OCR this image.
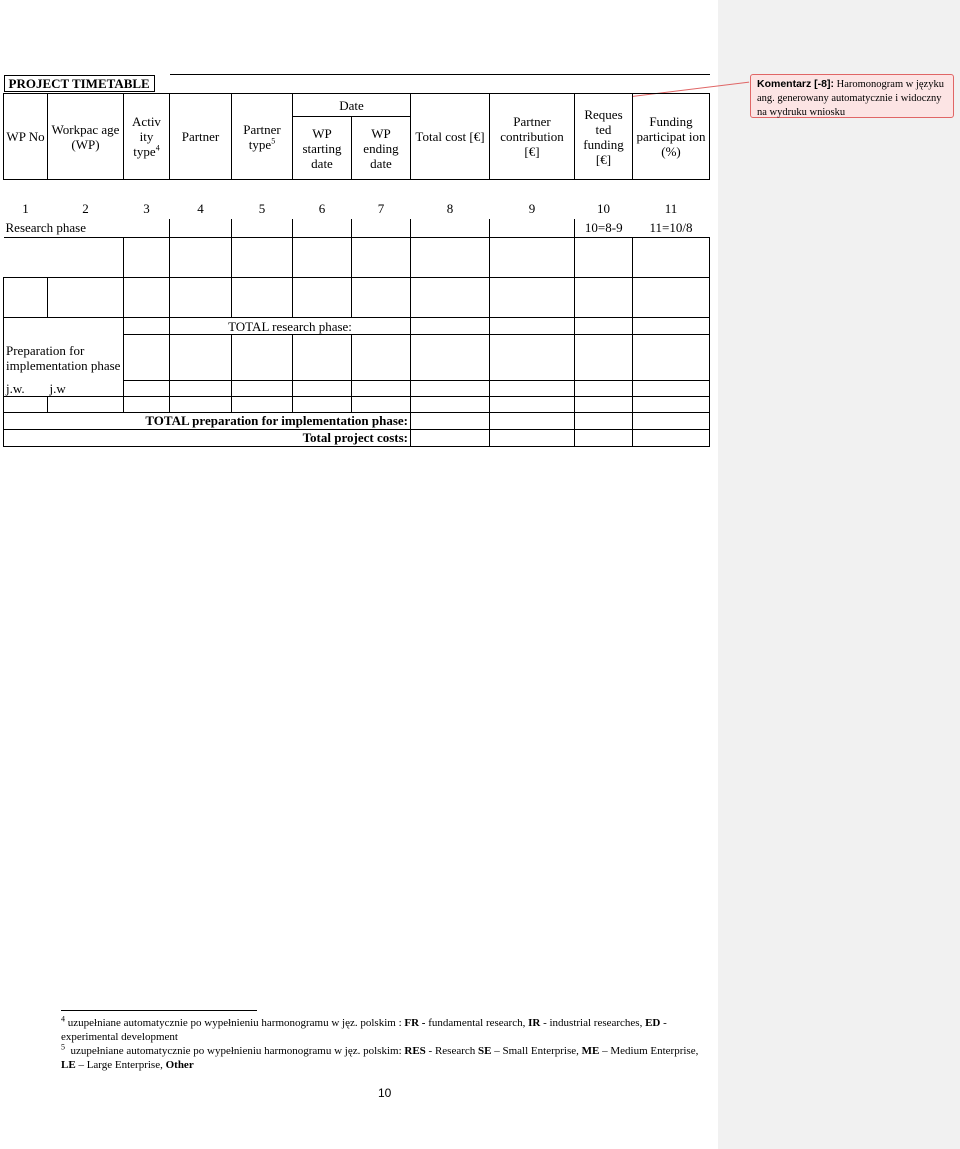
Komentarz [-8]: Haromonogram w języku ang. generowany automatycznie i widoczny na wydruku wniosku
PROJECT TIMETABLE										
WP No	Workpac age (WP)	Activ ity type$^4$	Partner	Partner type$^5$	Date		Total cost [€]	Partner contribution [€]	Reques ted funding [€]	Funding participat ion (%)
					WP starting date	WP ending date				

1	2	3	4	5	6	7	8	9	10	11
Research phase									10=8-9	11=10/8

			TOTAL research phase:							
Preparation for implementation phase										
j.w.	j.w									

TOTAL preparation for implementation phase:										
Total project costs:										

$^4$ uzupełniane automatycznie po wypełnieniu harmonogramu w jęz. polskim : FR - fundamental research, IR - industrial researches, ED - experimental development

$^5$ uzupełniane automatycznie po wypełnieniu harmonogramu w jęz. polskim: RES - Research SE – Small Enterprise, ME – Medium Enterprise, LE – Large Enterprise, Other

10
